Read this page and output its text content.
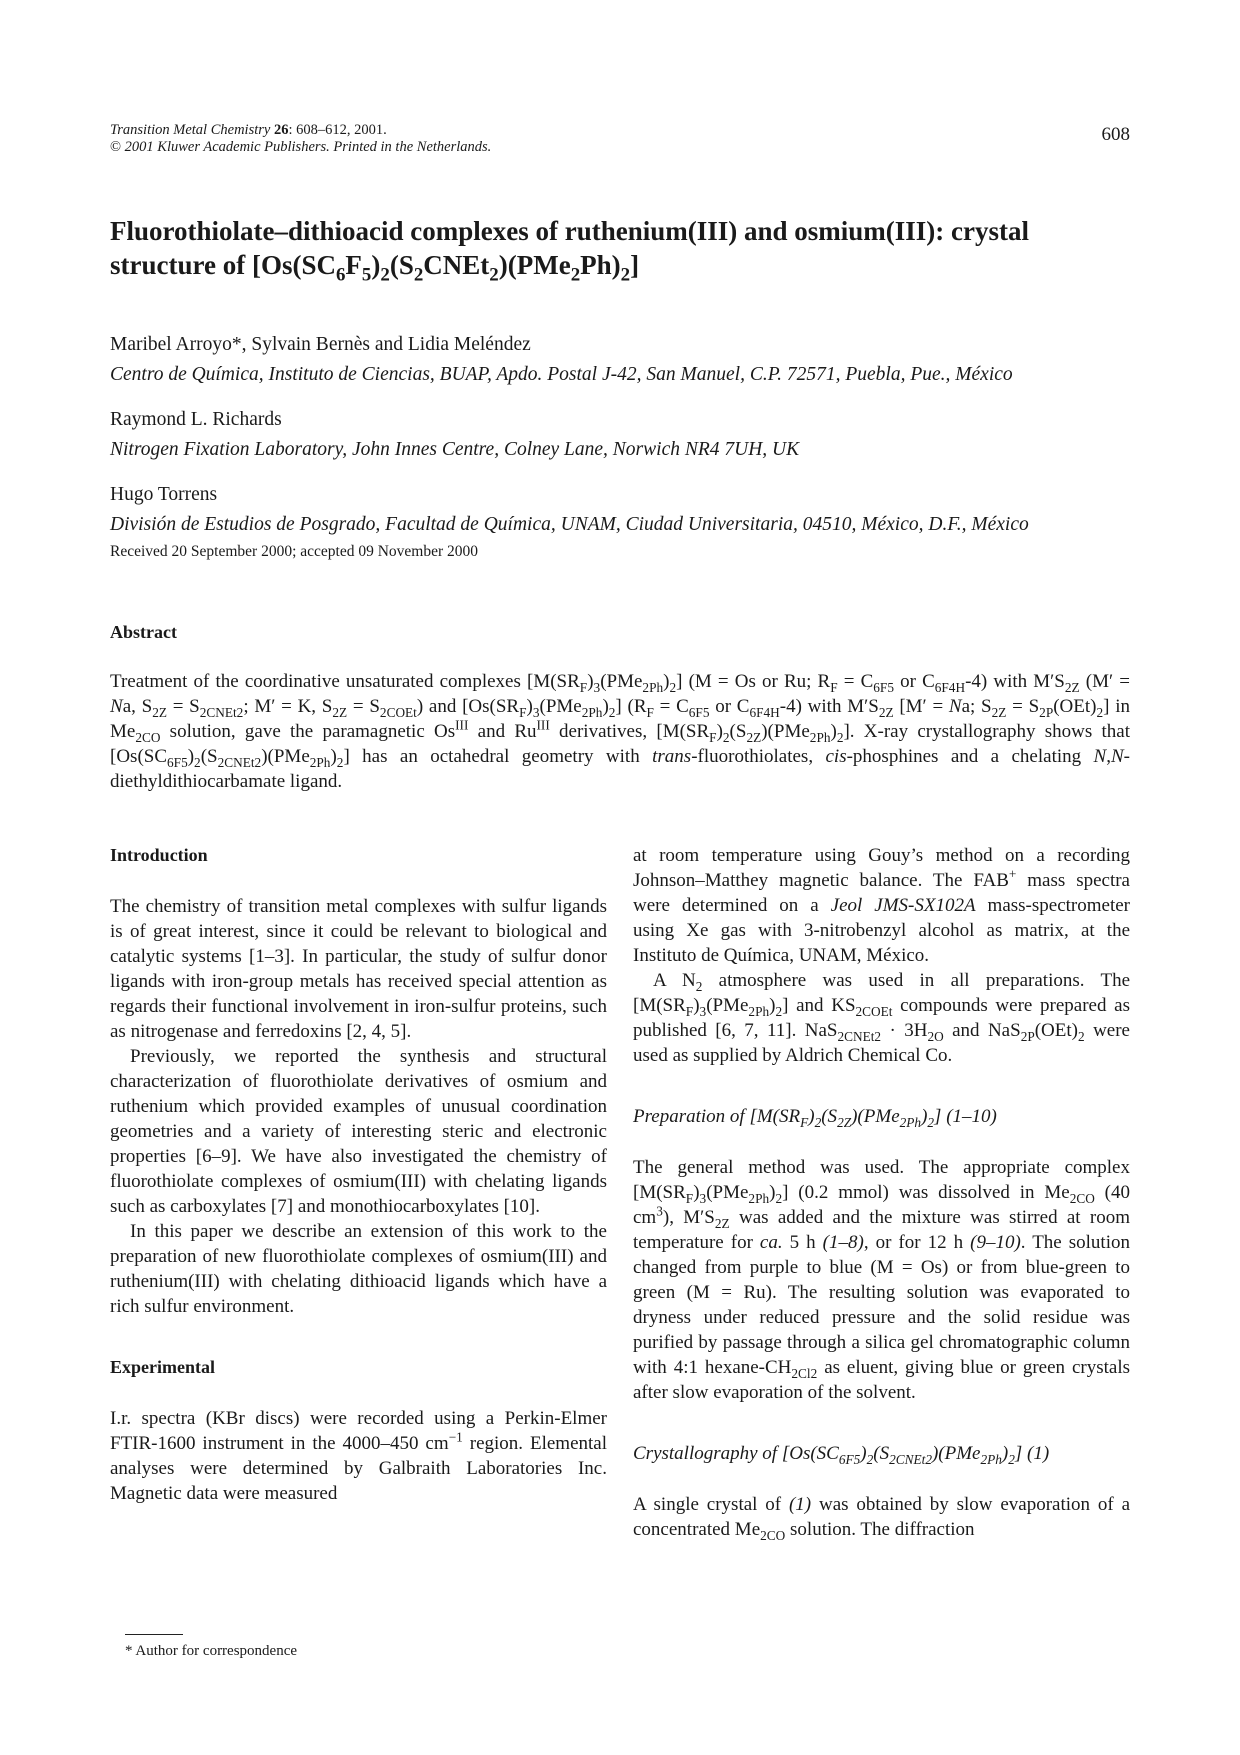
Transition Metal Chemistry 26: 608–612, 2001.
© 2001 Kluwer Academic Publishers. Printed in the Netherlands.
608
Fluorothiolate–dithioacid complexes of ruthenium(III) and osmium(III): crystal structure of $[Os(SC_6F_5)_2(S_2CNEt_2)(PMe_2Ph)_2]$
Maribel Arroyo*, Sylvain Bernès and Lidia Meléndez
Centro de Química, Instituto de Ciencias, BUAP, Apdo. Postal J-42, San Manuel, C.P. 72571, Puebla, Pue., México
Raymond L. Richards
Nitrogen Fixation Laboratory, John Innes Centre, Colney Lane, Norwich NR4 7UH, UK
Hugo Torrens
División de Estudios de Posgrado, Facultad de Química, UNAM, Ciudad Universitaria, 04510, México, D.F., México
Received 20 September 2000; accepted 09 November 2000
Abstract
Treatment of the coordinative unsaturated complexes $[M(SR_F)_3(PMe_{2Ph})_2] (M = Os$ or Ru; $R_F = C_{6F5}$ or $C_{6F4H}-4$) with $M'S_{2Z}$ (M′ = Na, $S_{2Z} = S_{2CNEt2}$; M′ = K, $S_{2Z} = S_{2COEt}$) and $[Os(SR_F)_3(PMe_{2Ph})_2] (R_F = C_{6F5}$ or $C_{6F4H}-4$) with $M'S_{2Z}$ [M′ = Na; $S_{2Z} = S_{2P}(OEt)_2$] in $Me_{2CO}$ solution, gave the paramagnetic $Os^{III}$ and $Ru^{III}$ derivatives, $[M(SR_F)_2(S_{2Z})(PMe_{2Ph})_2]$. X-ray crystallography shows that $[Os(SC_{6F5})_2(S_{2CNEt2})(PMe_{2Ph})_2]$ has an octahedral geometry with trans-fluorothiolates, cis-phosphines and a chelating N,N-diethyldithiocarbamate ligand.
Introduction

The chemistry of transition metal complexes with sulfur ligands is of great interest, since it could be relevant to biological and catalytic systems [1–3]. In particular, the study of sulfur donor ligands with iron-group metals has received special attention as regards their functional involvement in iron-sulfur proteins, such as nitrogenase and ferredoxins [2, 4, 5].

Previously, we reported the synthesis and structural characterization of fluorothiolate derivatives of osmium and ruthenium which provided examples of unusual coordination geometries and a variety of interesting steric and electronic properties [6–9]. We have also investigated the chemistry of fluorothiolate complexes of osmium(III) with chelating ligands such as carboxylates [7] and monothiocarboxylates [10].

In this paper we describe an extension of this work to the preparation of new fluorothiolate complexes of osmium(III) and ruthenium(III) with chelating dithioacid ligands which have a rich sulfur environment.

Experimental

I.r. spectra (KBr discs) were recorded using a Perkin-Elmer FTIR-1600 instrument in the 4000–450 $cm^{-1}$ region. Elemental analyses were determined by Galbraith Laboratories Inc. Magnetic data were measured

at room temperature using Gouy’s method on a recording Johnson–Matthey magnetic balance. The FAB+ mass spectra were determined on a Jeol JMS-SX102A mass-spectrometer using Xe gas with 3-nitrobenzyl alcohol as matrix, at the Instituto de Química, UNAM, México.

A $N_2$ atmosphere was used in all preparations. The $[M(SR_F)_3(PMe_{2Ph})_2]$ and $KS_{2COEt}$ compounds were prepared as published [6, 7, 11]. $NaS_{2CNEt2} \cdot 3H_{2O}$ and $NaS_{2P}(OEt)_2$ were used as supplied by Aldrich Chemical Co.

Preparation of $[M(SR_F)_2(S_{2Z})(PMe_{2Ph})_2]$ (1–10)

The general method was used. The appropriate complex $[M(SR_F)_3(PMe_{2Ph})_2]$ (0.2 mmol) was dissolved in $Me_{2CO}$ (40 $cm^3$), $M'S_{2Z}$ was added and the mixture was stirred at room temperature for ca. 5 h (1–8), or for 12 h (9–10). The solution changed from purple to blue (M = Os) or from blue-green to green (M = Ru). The resulting solution was evaporated to dryness under reduced pressure and the solid residue was purified by passage through a silica gel chromatographic column with 4:1 hexane-$CH_{2Cl2}$ as eluent, giving blue or green crystals after slow evaporation of the solvent.

Crystallography of $[Os(SC_{6F5})_2(S_{2CNEt2})(PMe_{2Ph})_2]$ (1)

A single crystal of (1) was obtained by slow evaporation of a concentrated $Me_{2CO}$ solution. The diffraction

* Author for correspondence
